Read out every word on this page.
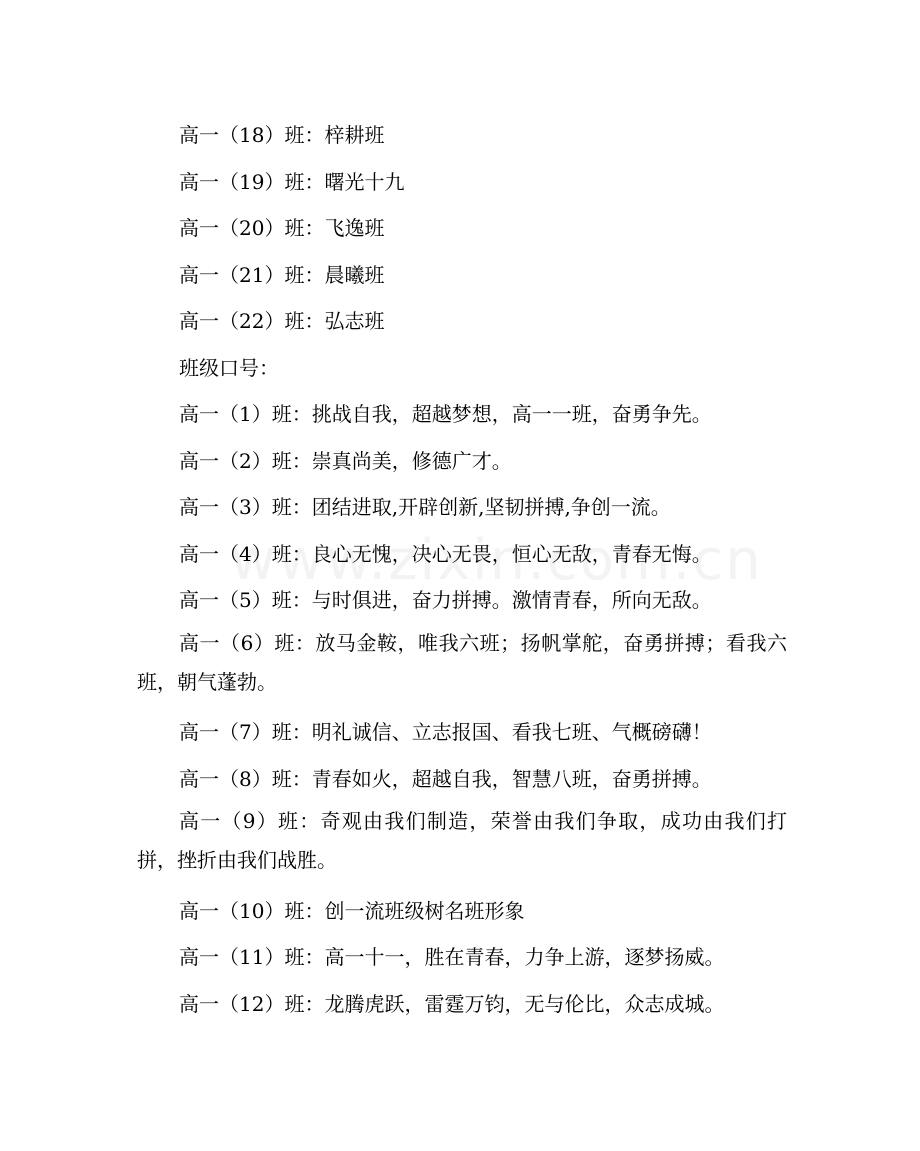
高一（18）班：梓耕班
高一（19）班：曙光十九
高一（20）班：飞逸班
高一（21）班：晨曦班
高一（22）班：弘志班
班级口号：
高一（1）班：挑战自我，超越梦想，高一一班，奋勇争先。
高一（2）班：崇真尚美，修德广才。
高一（3）班：团结进取,开辟创新,坚韧拼搏,争创一流。
高一（4）班：良心无愧，决心无畏，恒心无敌，青春无悔。
高一（5）班：与时俱进，奋力拼搏。激情青春，所向无敌。
高一（6）班：放马金鞍，唯我六班；扬帆掌舵，奋勇拼搏；看我六班，朝气蓬勃。
高一（7）班：明礼诚信、立志报国、看我七班、气概磅礴！
高一（8）班：青春如火，超越自我，智慧八班，奋勇拼搏。
高一（9）班：奇观由我们制造，荣誉由我们争取，成功由我们打拼，挫折由我们战胜。
高一（10）班：创一流班级树名班形象
高一（11）班：高一十一，胜在青春，力争上游，逐梦扬威。
高一（12）班：龙腾虎跃，雷霆万钧，无与伦比，众志成城。
